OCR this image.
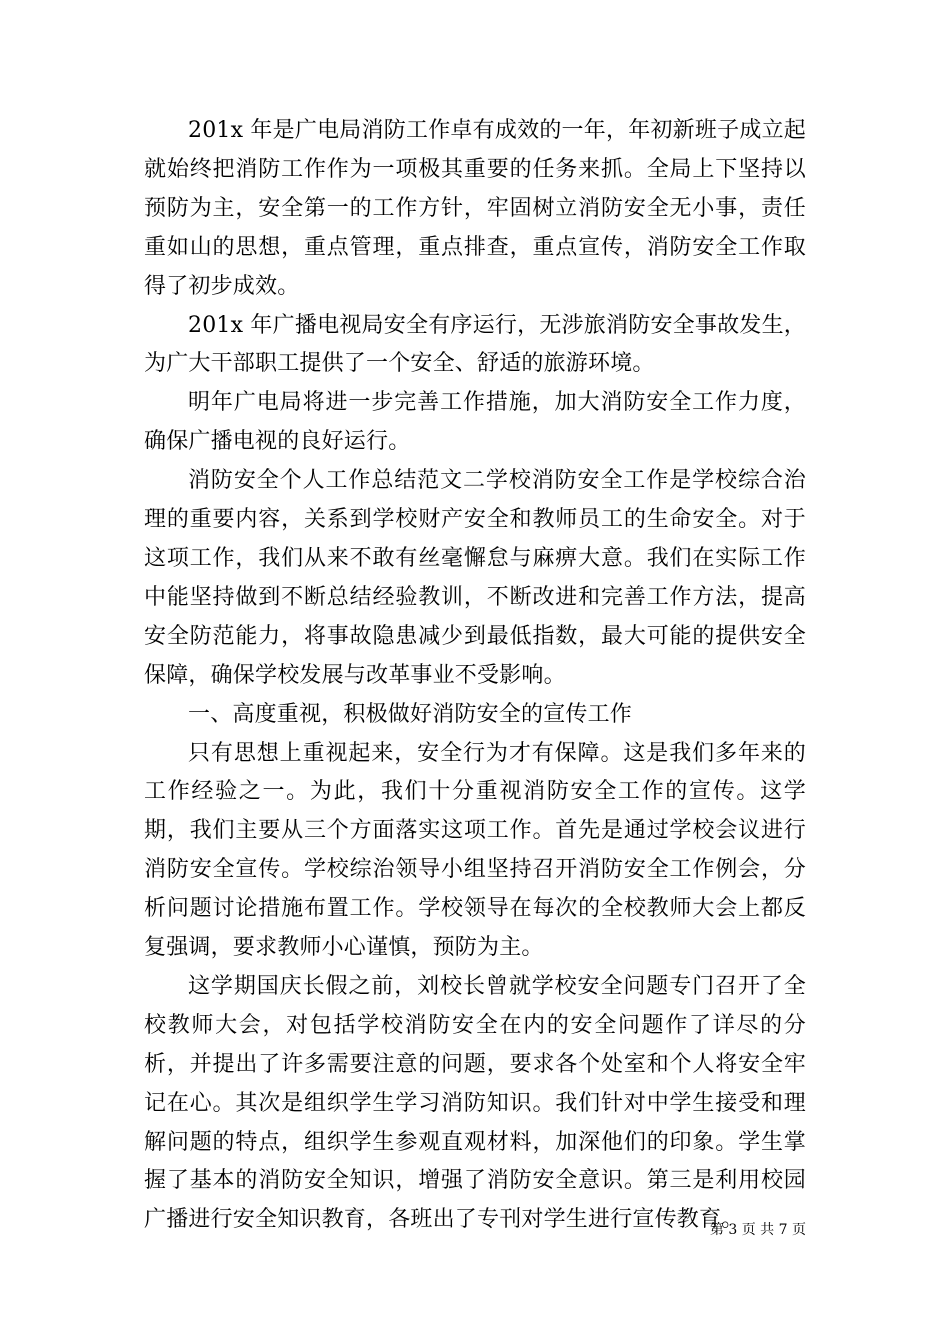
201x 年是广电局消防工作卓有成效的一年，年初新班子成立起就始终把消防工作作为一项极其重要的任务来抓。全局上下坚持以预防为主，安全第一的工作方针，牢固树立消防安全无小事，责任重如山的思想，重点管理，重点排查，重点宣传，消防安全工作取得了初步成效。

201x 年广播电视局安全有序运行，无涉旅消防安全事故发生，为广大干部职工提供了一个安全、舒适的旅游环境。

明年广电局将进一步完善工作措施，加大消防安全工作力度，确保广播电视的良好运行。

消防安全个人工作总结范文二学校消防安全工作是学校综合治理的重要内容，关系到学校财产安全和教师员工的生命安全。对于这项工作，我们从来不敢有丝毫懈怠与麻痹大意。我们在实际工作中能坚持做到不断总结经验教训，不断改进和完善工作方法，提高安全防范能力，将事故隐患减少到最低指数，最大可能的提供安全保障，确保学校发展与改革事业不受影响。

一、高度重视，积极做好消防安全的宣传工作

只有思想上重视起来，安全行为才有保障。这是我们多年来的工作经验之一。为此，我们十分重视消防安全工作的宣传。这学期，我们主要从三个方面落实这项工作。首先是通过学校会议进行消防安全宣传。学校综治领导小组坚持召开消防安全工作例会，分析问题讨论措施布置工作。学校领导在每次的全校教师大会上都反复强调，要求教师小心谨慎，预防为主。

这学期国庆长假之前，刘校长曾就学校安全问题专门召开了全校教师大会，对包括学校消防安全在内的安全问题作了详尽的分析，并提出了许多需要注意的问题，要求各个处室和个人将安全牢记在心。其次是组织学生学习消防知识。我们针对中学生接受和理解问题的特点，组织学生参观直观材料，加深他们的印象。学生掌握了基本的消防安全知识，增强了消防安全意识。第三是利用校园广播进行安全知识教育，各班出了专刊对学生进行宣传教育。

第 3 页 共 7 页
